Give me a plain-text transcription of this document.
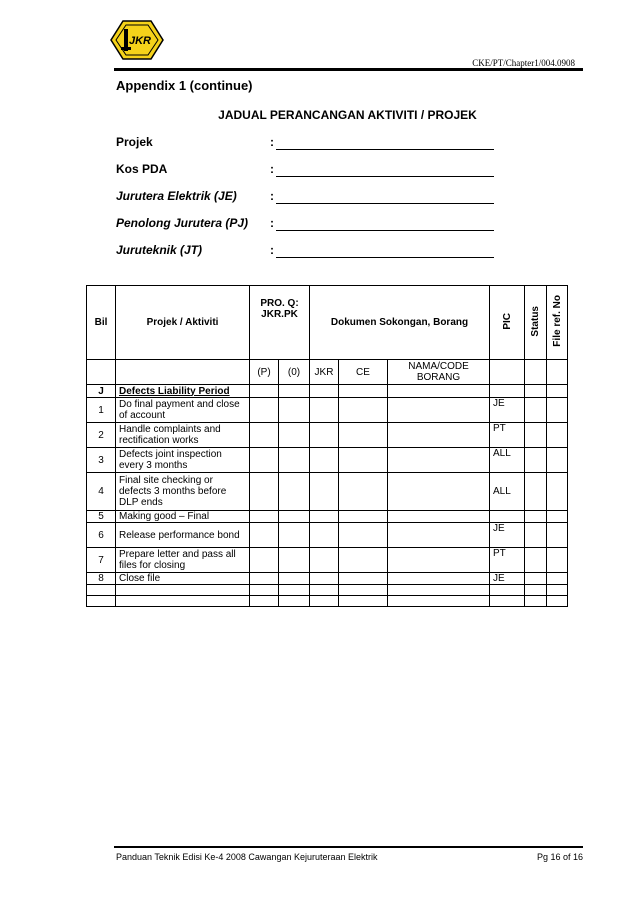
JKR
CKE/PT/Chapter1/004.0908
Appendix 1 (continue)
JADUAL PERANCANGAN AKTIVITI / PROJEK
Projek	:
Kos PDA	:
Jurutera Elektrik (JE)	:
Penolong Jurutera (PJ) :
Juruteknik (JT)	:
Bil	Projek / Aktiviti	PRO. Q: JKR.PK		Dokumen Sokongan, Borang			PIC	Status	File ref. No
		(P)	(0)	JKR	CE	NAMA/CODE BORANG			
J	Defects Liability Period								
1	Do final payment and close of account						JE		
2	Handle complaints and rectification works						PT		
3	Defects joint inspection every 3 months						ALL		
4	Final site checking or defects 3 months before DLP ends						ALL		
5	Making good – Final								
6	Release performance bond						JE		
7	Prepare letter and pass all files for closing						PT		
8	Close file						JE		

Panduan Teknik Edisi Ke-4 2008 Cawangan Kejuruteraan Elektrik	Pg 16 of 16
